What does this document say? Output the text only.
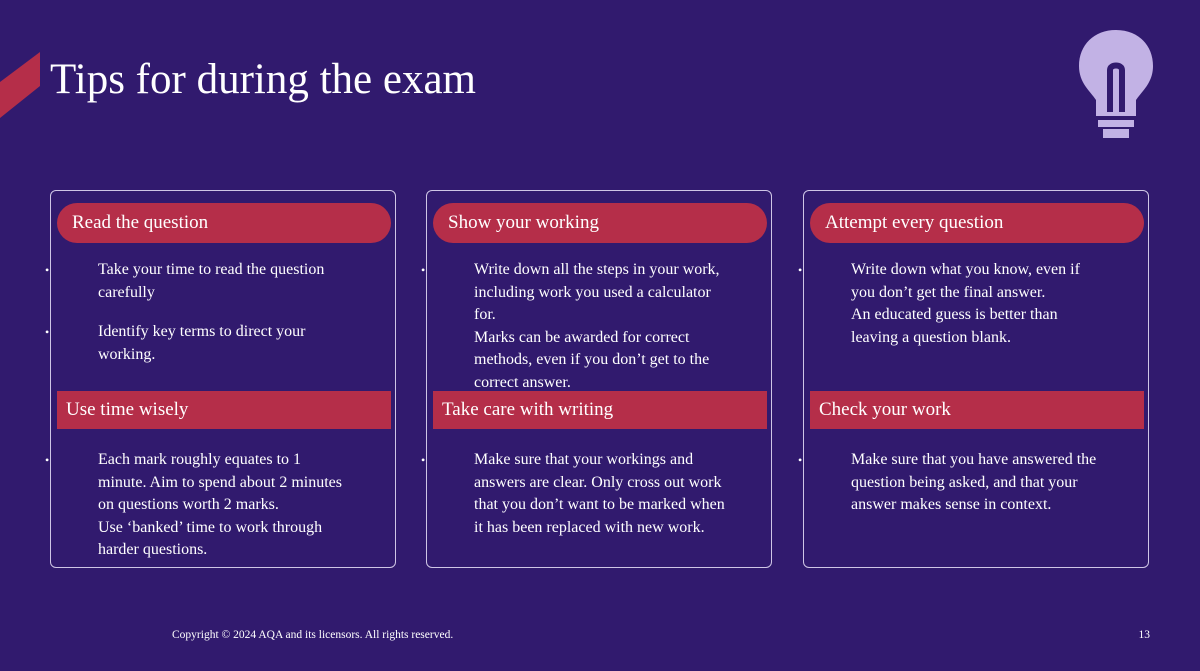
Tips for during the exam
Read the question
•	Take your time to read the question
carefully
•	Identify key terms to direct your
working.
Use time wisely
•	Each mark roughly equates to 1
minute. Aim to spend about 2 minutes
on questions worth 2 marks.
Use ‘banked’ time to work through
harder questions.
Show your working
•	Write down all the steps in your work,
including work you used a calculator
for.
Marks can be awarded for correct
methods, even if you don’t get to the
correct answer.
Take care with writing
•	Make sure that your workings and
answers are clear. Only cross out work
that you don’t want to be marked when
it has been replaced with new work.
Attempt every question
•	Write down what you know, even if
you don’t get the final answer.
An educated guess is better than
leaving a question blank.
Check your work
•	Make sure that you have answered the
question being asked, and that your
answer makes sense in context.
Copyright © 2024 AQA and its licensors. All rights reserved.	13
